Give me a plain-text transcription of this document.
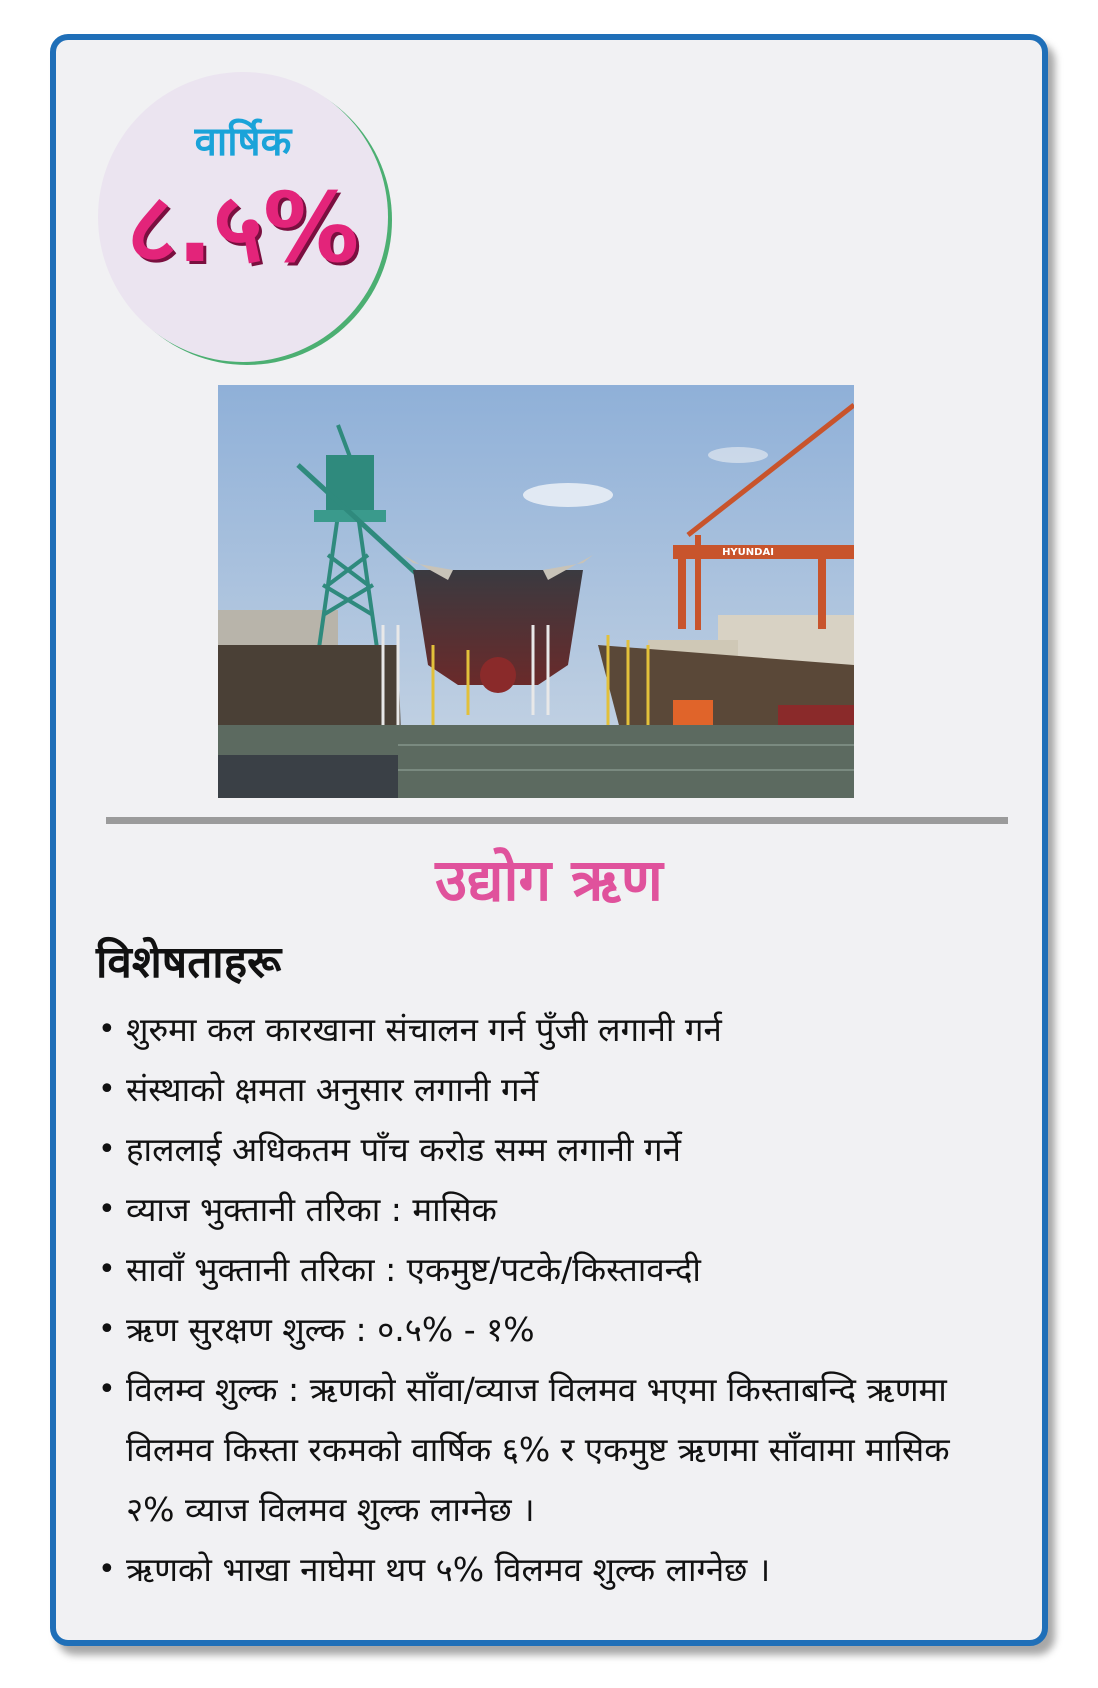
वार्षिक
८.५%
HYUNDAI
उद्योग ऋण
विशेषताहरू
• शुरुमा कल कारखाना संचालन गर्न पुँजी लगानी गर्न
• संस्थाको क्षमता अनुसार लगानी गर्ने
• हाललाई अधिकतम पाँच करोड सम्म लगानी गर्ने
• व्याज भुक्तानी तरिका : मासिक
• सावाँ भुक्तानी तरिका : एकमुष्ट/पटके/किस्तावन्दी
• ऋण सुरक्षण शुल्क : ०.५% - १%
• विलम्व शुल्क : ऋणको साँवा/व्याज विलमव भएमा किस्ताबन्दि ऋणमा विलमव किस्ता रकमको वार्षिक ६% र एकमुष्ट ऋणमा साँवामा मासिक २% व्याज विलमव शुल्क लाग्नेछ ।
• ऋणको भाखा नाघेमा थप ५% विलमव शुल्क लाग्नेछ ।
